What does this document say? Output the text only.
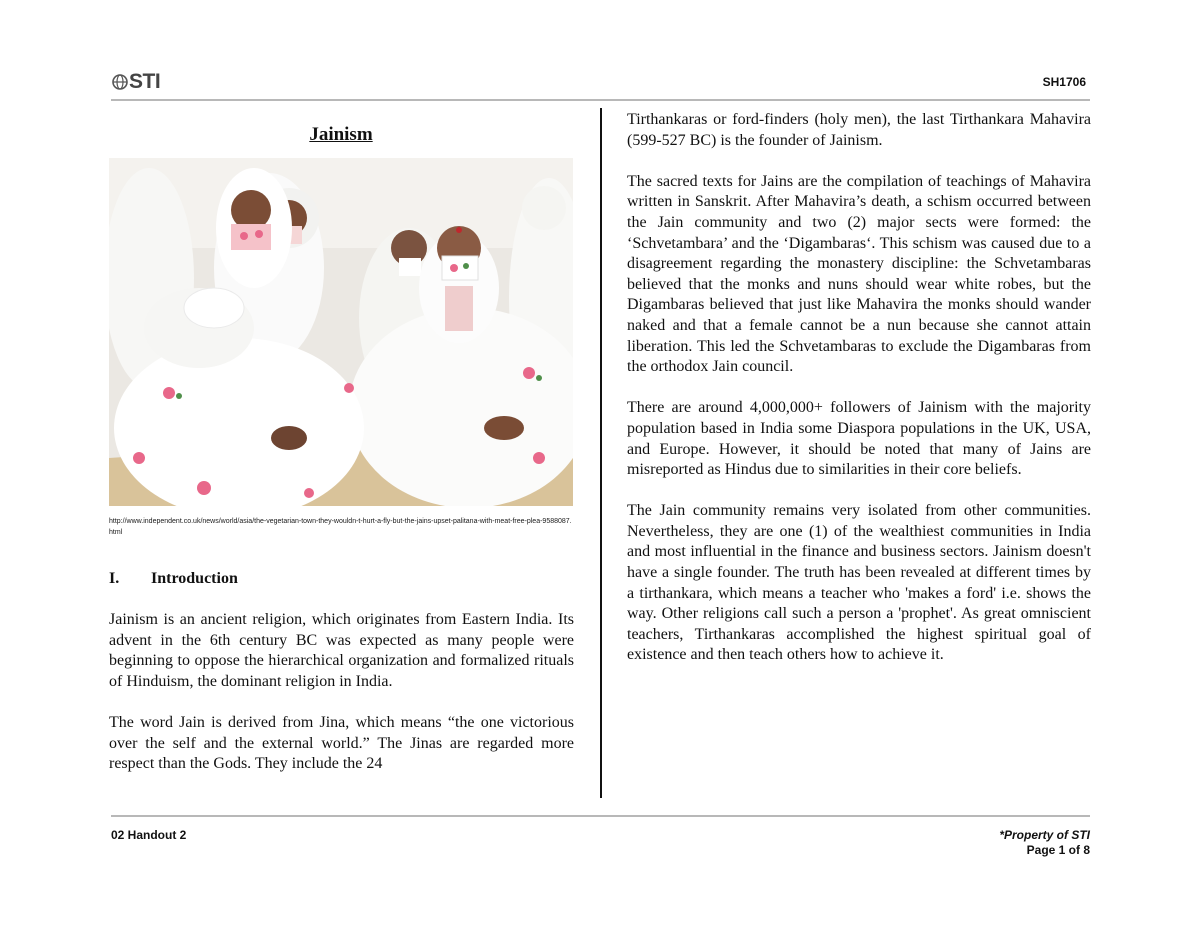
STI	SH1706
Jainism
http://www.independent.co.uk/news/world/asia/the-vegetarian-town-they-wouldn-t-hurt-a-fly-but-the-jains-upset-palitana-with-meat-free-plea-9588087.html
I. Introduction

Jainism is an ancient religion, which originates from Eastern India. Its advent in the 6th century BC was expected as many people were beginning to oppose the hierarchical organization and formalized rituals of Hinduism, the dominant religion in India.

The word Jain is derived from Jina, which means “the one victorious over the self and the external world.” The Jinas are regarded more respect than the Gods. They include the 24

Tirthankaras or ford-finders (holy men), the last Tirthankara Mahavira (599-527 BC) is the founder of Jainism.

The sacred texts for Jains are the compilation of teachings of Mahavira written in Sanskrit. After Mahavira’s death, a schism occurred between the Jain community and two (2) major sects were formed: the ‘Schvetambara’ and the ‘Digambaras‘. This schism was caused due to a disagreement regarding the monastery discipline: the Schvetambaras believed that the monks and nuns should wear white robes, but the Digambaras believed that just like Mahavira the monks should wander naked and that a female cannot be a nun because she cannot attain liberation. This led the Schvetambaras to exclude the Digambaras from the orthodox Jain council.

There are around 4,000,000+ followers of Jainism with the majority population based in India some Diaspora populations in the UK, USA, and Europe. However, it should be noted that many of Jains are misreported as Hindus due to similarities in their core beliefs.

The Jain community remains very isolated from other communities. Nevertheless, they are one (1) of the wealthiest communities in India and most influential in the finance and business sectors. Jainism doesn't have a single founder. The truth has been revealed at different times by a tirthankara, which means a teacher who 'makes a ford' i.e. shows the way. Other religions call such a person a 'prophet'. As great omniscient teachers, Tirthankaras accomplished the highest spiritual goal of existence and then teach others how to achieve it.

02 Handout 2	*Property of STI
Page 1 of 8
